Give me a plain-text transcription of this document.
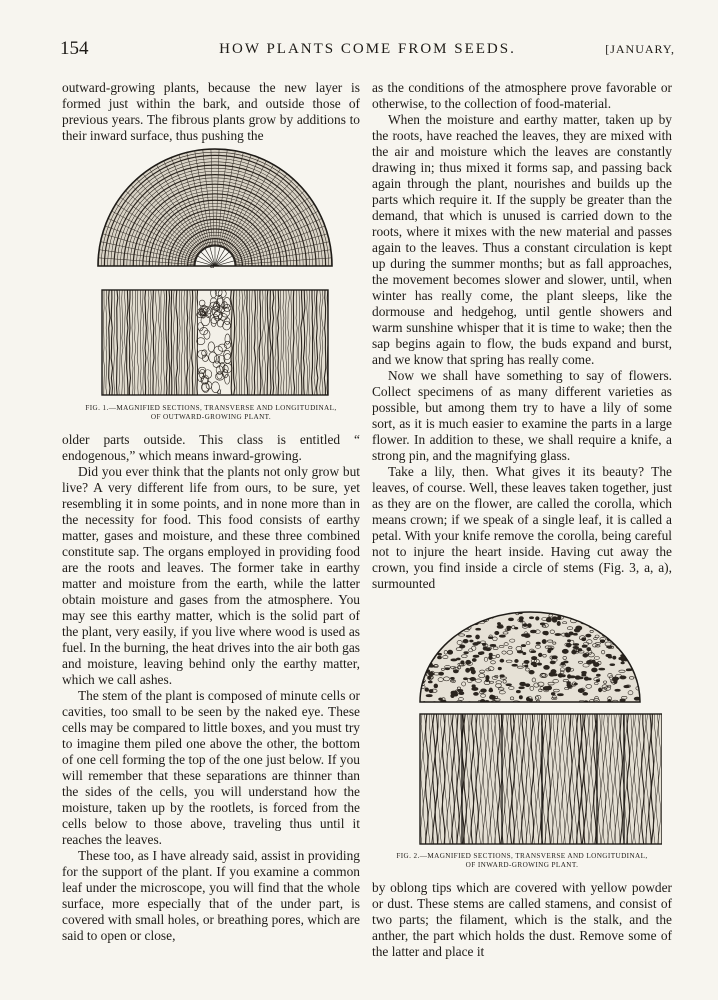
154	HOW PLANTS COME FROM SEEDS.	[JANUARY,

outward-growing plants, because the new layer is formed just within the bark, and outside those of previous years. The fibrous plants grow by additions to their inward surface, thus pushing the

a
a
FIG. 1.—MAGNIFIED SECTIONS, TRANSVERSE AND LONGITUDINAL,
OF OUTWARD-GROWING PLANT.

older parts outside. This class is entitled “ endogenous,” which means inward-growing.

Did you ever think that the plants not only grow but live? A very different life from ours, to be sure, yet resembling it in some points, and in none more than in the necessity for food. This food consists of earthy matter, gases and moisture, and these three combined constitute sap. The organs employed in providing food are the roots and leaves. The former take in earthy matter and moisture from the earth, while the latter obtain moisture and gases from the atmosphere. You may see this earthy matter, which is the solid part of the plant, very easily, if you live where wood is used as fuel. In the burning, the heat drives into the air both gas and moisture, leaving behind only the earthy matter, which we call ashes.

The stem of the plant is composed of minute cells or cavities, too small to be seen by the naked eye. These cells may be compared to little boxes, and you must try to imagine them piled one above the other, the bottom of one cell forming the top of the one just below. If you will remember that these separations are thinner than the sides of the cells, you will understand how the moisture, taken up by the rootlets, is forced from the cells below to those above, traveling thus until it reaches the leaves.

These too, as I have already said, assist in providing for the support of the plant. If you examine a common leaf under the microscope, you will find that the whole surface, more especially that of the under part, is covered with small holes, or breathing pores, which are said to open or close,

as the conditions of the atmosphere prove favorable or otherwise, to the collection of food-material.

When the moisture and earthy matter, taken up by the roots, have reached the leaves, they are mixed with the air and moisture which the leaves are constantly drawing in; thus mixed it forms sap, and passing back again through the plant, nourishes and builds up the parts which require it. If the supply be greater than the demand, that which is unused is carried down to the roots, where it mixes with the new material and passes again to the leaves. Thus a constant circulation is kept up during the summer months; but as fall approaches, the movement becomes slower and slower, until, when winter has really come, the plant sleeps, like the dormouse and hedgehog, until gentle showers and warm sunshine whisper that it is time to wake; then the sap begins again to flow, the buds expand and burst, and we know that spring has really come.

Now we shall have something to say of flowers. Collect specimens of as many different varieties as possible, but among them try to have a lily of some sort, as it is much easier to examine the parts in a large flower. In addition to these, we shall require a knife, a strong pin, and the magnifying glass.

Take a lily, then. What gives it its beauty? The leaves, of course. Well, these leaves taken together, just as they are on the flower, are called the corolla, which means crown; if we speak of a single leaf, it is called a petal. With your knife remove the corolla, being careful not to injure the heart inside. Having cut away the crown, you find inside a circle of stems (Fig. 3, a, a), surmounted

FIG. 2.—MAGNIFIED SECTIONS, TRANSVERSE AND LONGITUDINAL,
OF INWARD-GROWING PLANT.

by oblong tips which are covered with yellow powder or dust. These stems are called stamens, and consist of two parts; the filament, which is the stalk, and the anther, the part which holds the dust. Remove some of the latter and place it
